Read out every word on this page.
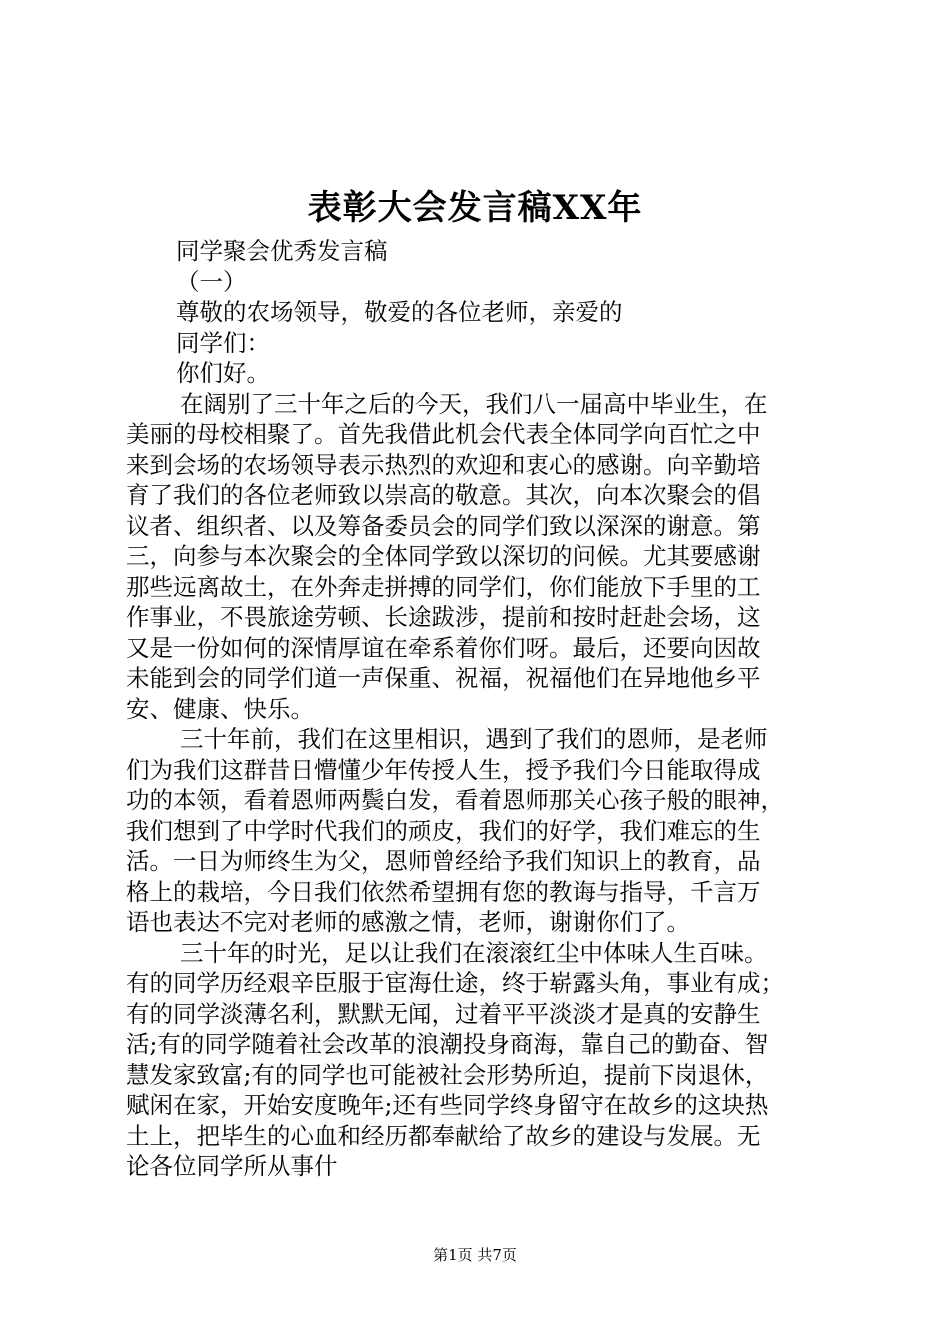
表彰大会发言稿XX年
同学聚会优秀发言稿
（一）
尊敬的农场领导，敬爱的各位老师，亲爱的
同学们：
你们好。
在阔别了三十年之后的今天，我们八一届高中毕业生，在
美丽的母校相聚了。首先我借此机会代表全体同学向百忙之中
来到会场的农场领导表示热烈的欢迎和衷心的感谢。向辛勤培
育了我们的各位老师致以崇高的敬意。其次，向本次聚会的倡
议者、组织者、以及筹备委员会的同学们致以深深的谢意。第
三，向参与本次聚会的全体同学致以深切的问候。尤其要感谢
那些远离故土，在外奔走拼搏的同学们，你们能放下手里的工
作事业，不畏旅途劳顿、长途跋涉，提前和按时赶赴会场，这
又是一份如何的深情厚谊在牵系着你们呀。最后，还要向因故
未能到会的同学们道一声保重、祝福，祝福他们在异地他乡平
安、健康、快乐。
三十年前，我们在这里相识，遇到了我们的恩师，是老师
们为我们这群昔日懵懂少年传授人生，授予我们今日能取得成
功的本领，看着恩师两鬓白发，看着恩师那关心孩子般的眼神，
我们想到了中学时代我们的顽皮，我们的好学，我们难忘的生
活。一日为师终生为父，恩师曾经给予我们知识上的教育，品
格上的栽培，今日我们依然希望拥有您的教诲与指导，千言万
语也表达不完对老师的感激之情，老师，谢谢你们了。
三十年的时光，足以让我们在滚滚红尘中体味人生百味。
有的同学历经艰辛臣服于宦海仕途，终于崭露头角，事业有成；
有的同学淡薄名利，默默无闻，过着平平淡淡才是真的安静生
活;有的同学随着社会改革的浪潮投身商海，靠自己的勤奋、智
慧发家致富;有的同学也可能被社会形势所迫，提前下岗退休，
赋闲在家，开始安度晚年;还有些同学终身留守在故乡的这块热
土上，把毕生的心血和经历都奉献给了故乡的建设与发展。无
论各位同学所从事什
第1页 共7页
